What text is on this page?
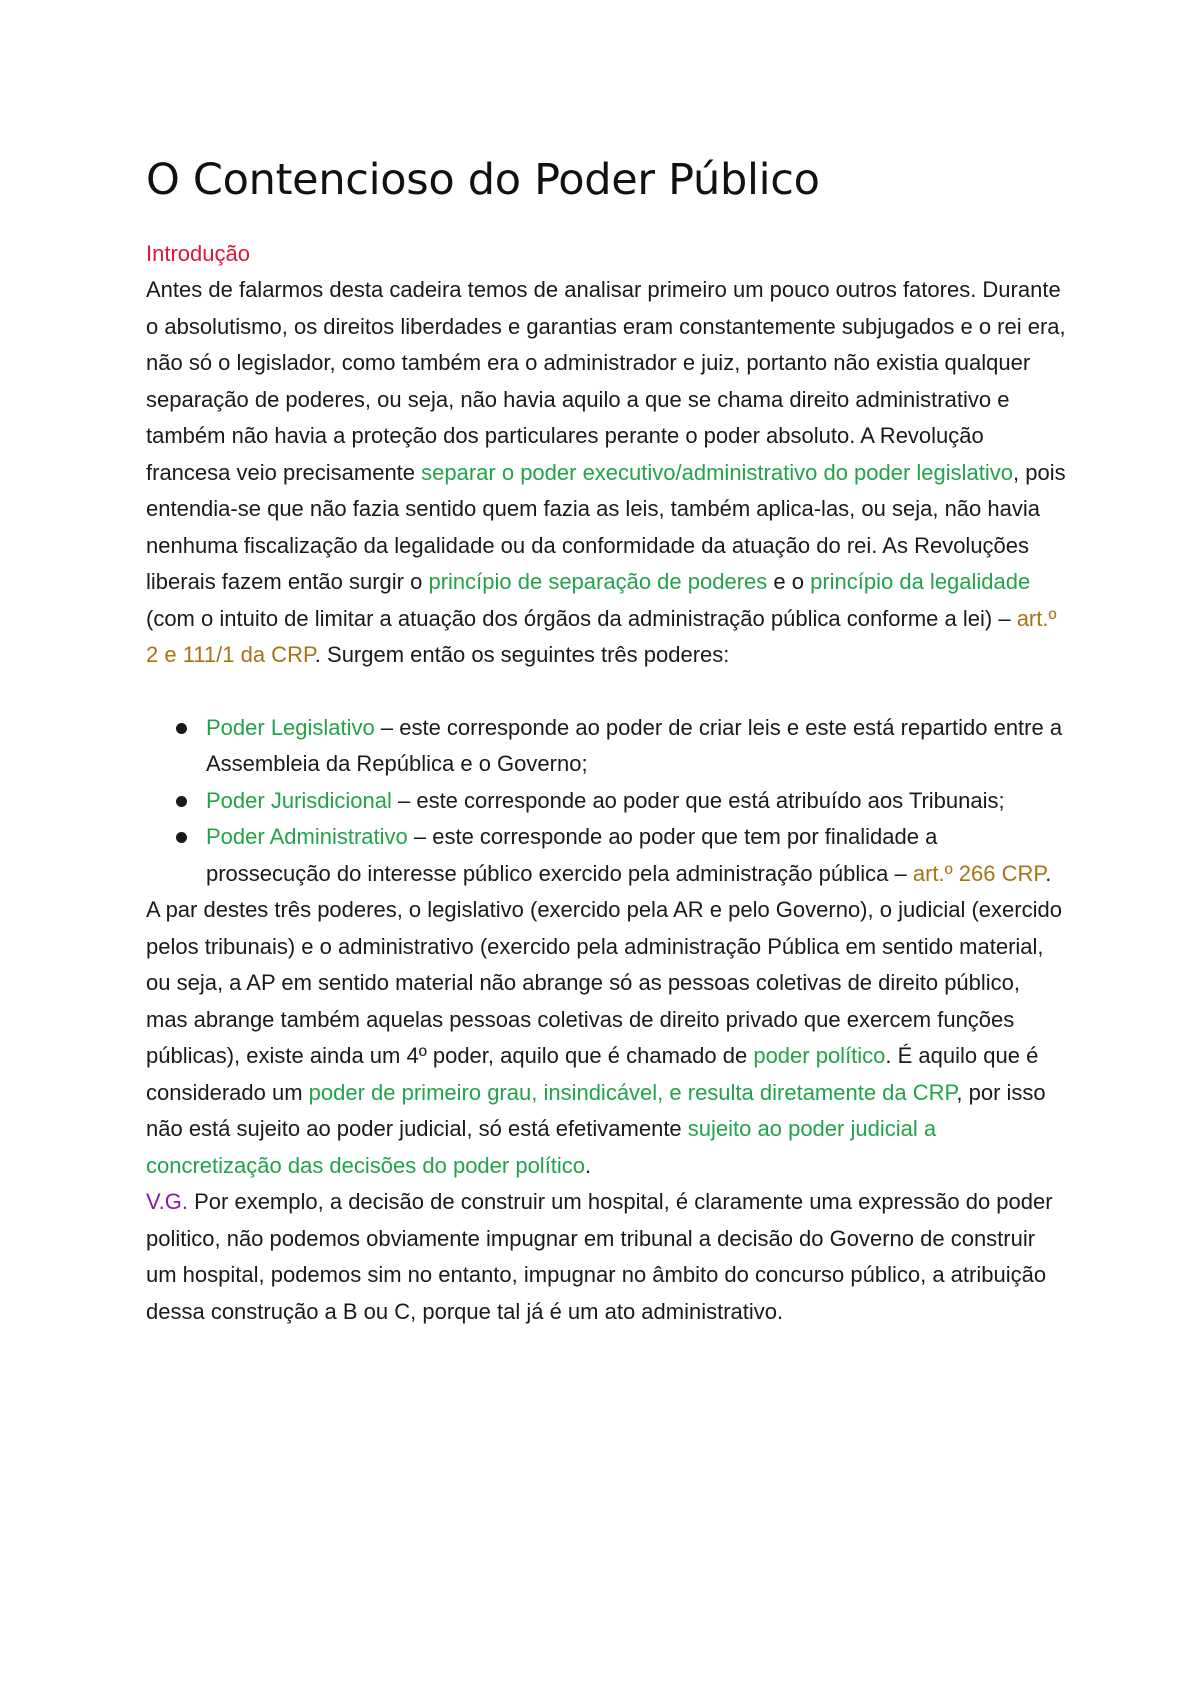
O Contencioso do Poder Público
Introdução

Antes de falarmos desta cadeira temos de analisar primeiro um pouco outros fatores. Durante o absolutismo, os direitos liberdades e garantias eram constantemente subjugados e o rei era, não só o legislador, como também era o administrador e juiz, portanto não existia qualquer separação de poderes, ou seja, não havia aquilo a que se chama direito administrativo e também não havia a proteção dos particulares perante o poder absoluto. A Revolução francesa veio precisamente separar o poder executivo/administrativo do poder legislativo, pois entendia-se que não fazia sentido quem fazia as leis, também aplica-las, ou seja, não havia nenhuma fiscalização da legalidade ou da conformidade da atuação do rei. As Revoluções liberais fazem então surgir o princípio de separação de poderes e o princípio da legalidade (com o intuito de limitar a atuação dos órgãos da administração pública conforme a lei) – art.º 2 e 111/1 da CRP. Surgem então os seguintes três poderes:

Poder Legislativo – este corresponde ao poder de criar leis e este está repartido entre a Assembleia da República e o Governo;
Poder Jurisdicional – este corresponde ao poder que está atribuído aos Tribunais;
Poder Administrativo – este corresponde ao poder que tem por finalidade a prossecução do interesse público exercido pela administração pública – art.º 266 CRP.

A par destes três poderes, o legislativo (exercido pela AR e pelo Governo), o judicial (exercido pelos tribunais) e o administrativo (exercido pela administração Pública em sentido material, ou seja, a AP em sentido material não abrange só as pessoas coletivas de direito público, mas abrange também aquelas pessoas coletivas de direito privado que exercem funções públicas), existe ainda um 4º poder, aquilo que é chamado de poder político. É aquilo que é considerado um poder de primeiro grau, insindicável, e resulta diretamente da CRP, por isso não está sujeito ao poder judicial, só está efetivamente sujeito ao poder judicial a concretização das decisões do poder político.

V.G. Por exemplo, a decisão de construir um hospital, é claramente uma expressão do poder politico, não podemos obviamente impugnar em tribunal a decisão do Governo de construir um hospital, podemos sim no entanto, impugnar no âmbito do concurso público, a atribuição dessa construção a B ou C, porque tal já é um ato administrativo.
